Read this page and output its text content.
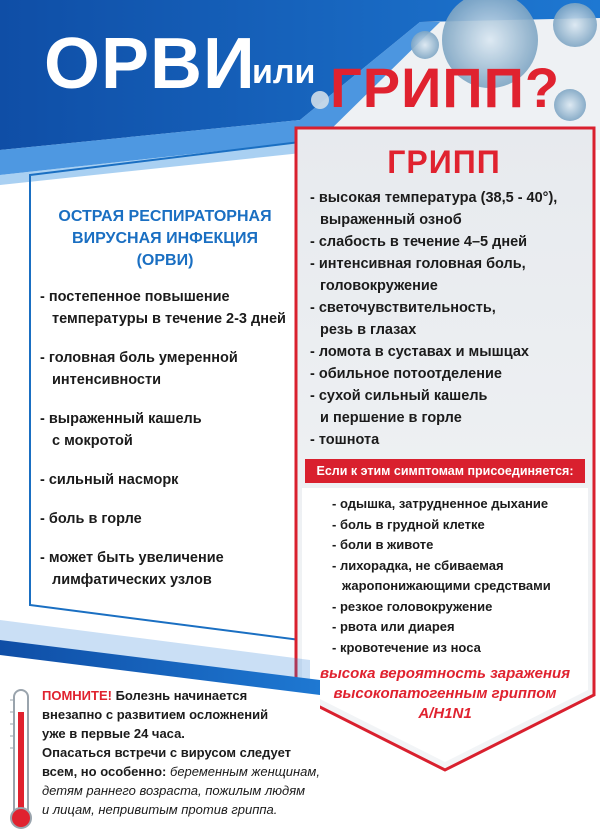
ОРВИ
или ГРИПП?
ОСТРАЯ РЕСПИРАТОРНАЯ
ВИРУСНАЯ ИНФЕКЦИЯ
(ОРВИ)
- постепенное повышение
температуры в течение 2-3 дней
- головная боль умеренной
интенсивности
- выраженный кашель
с мокротой
- сильный насморк
- боль в горле
- может быть увеличение
лимфатических узлов
ГРИПП
- высокая температура (38,5 - 40°),
выраженный озноб
- слабость в течение 4–5 дней
- интенсивная головная боль,
головокружение
- светочувствительность,
резь в глазах
- ломота в суставах и мышцах
- обильное потоотделение
- сухой сильный кашель
и першение в горле
- тошнота
Если к этим симптомам присоединяется:
- одышка, затрудненное дыхание
- боль в грудной клетке
- боли в животе
- лихорадка, не сбиваемая
жаропонижающими средствами
- резкое головокружение
- рвота или диарея
- кровотечение из носа
высока вероятность заражения
высокопатогенным гриппом
A/H1N1

ПОМНИТЕ! Болезнь начинается

внезапно с развитием осложнений

уже в первые 24 часа.

Опасаться встречи с вирусом следует

всем, но особенно: беременным женщинам,

детям раннего возраста, пожилым людям

и лицам, непривитым против гриппа.
